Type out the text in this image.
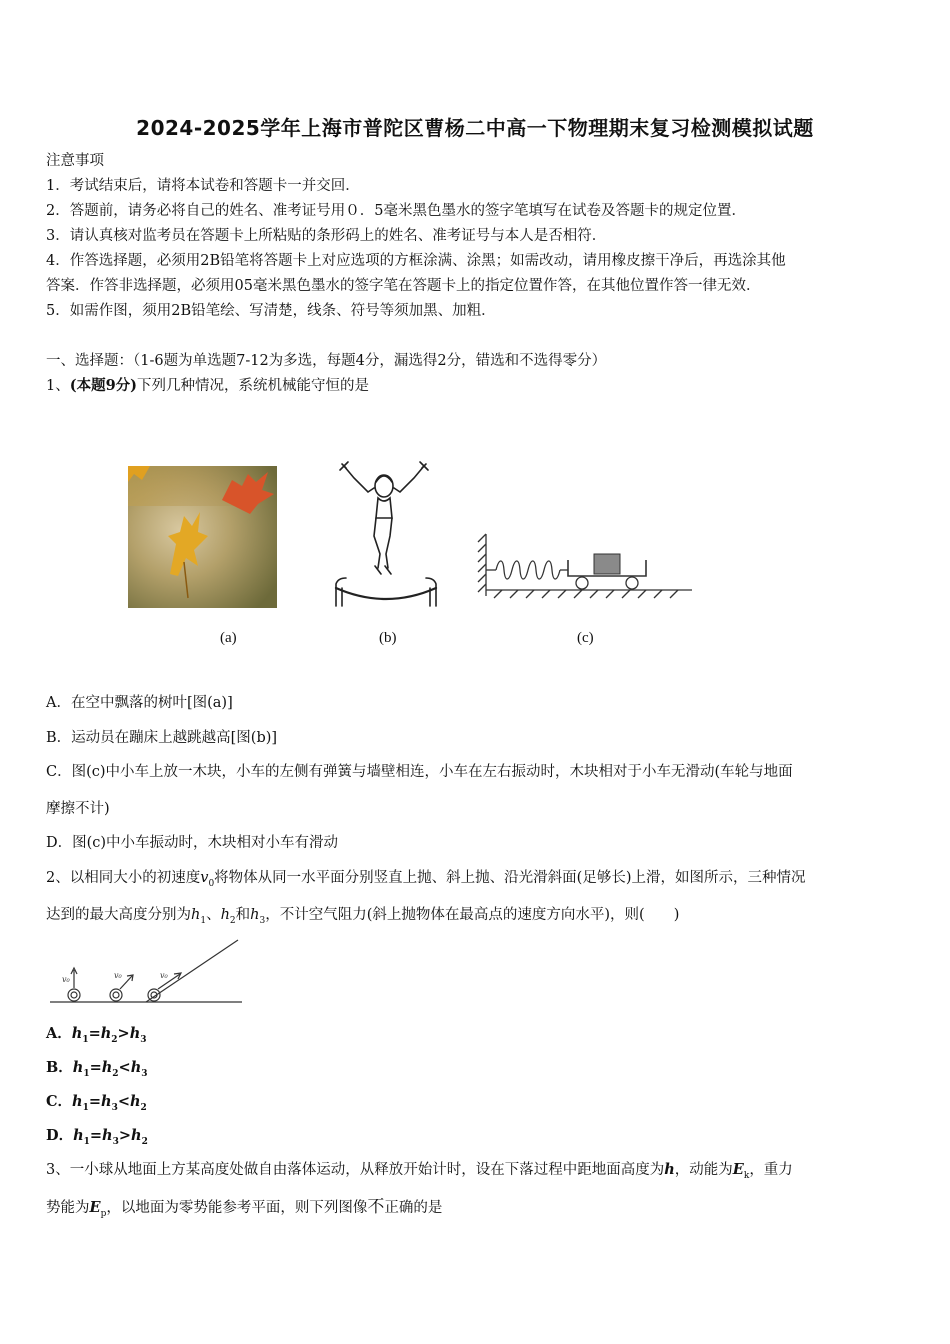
2024-2025学年上海市普陀区曹杨二中高一下物理期末复习检测模拟试题
注意事项
1．考试结束后，请将本试卷和答题卡一并交回．
2．答题前，请务必将自己的姓名、准考证号用０．5毫米黑色墨水的签字笔填写在试卷及答题卡的规定位置．
3．请认真核对监考员在答题卡上所粘贴的条形码上的姓名、准考证号与本人是否相符．
4．作答选择题，必须用2B铅笔将答题卡上对应选项的方框涂满、涂黑；如需改动，请用橡皮擦干净后，再选涂其他
答案．作答非选择题，必须用05毫米黑色墨水的签字笔在答题卡上的指定位置作答，在其他位置作答一律无效．
5．如需作图，须用2B铅笔绘、写清楚，线条、符号等须加黑、加粗．
一、选择题：（1-6题为单选题7-12为多选，每题4分，漏选得2分，错选和不选得零分）
1、(本题9分)下列几种情况，系统机械能守恒的是
(a)	(b)	(c)
A．在空中飘落的树叶[图(a)]
B．运动员在蹦床上越跳越高[图(b)]
C．图(c)中小车上放一木块，小车的左侧有弹簧与墙壁相连，小车在左右振动时，木块相对于小车无滑动(车轮与地面
摩擦不计)
D．图(c)中小车振动时，木块相对小车有滑动
2、以相同大小的初速度$v_0$将物体从同一水平面分别竖直上抛、斜上抛、沿光滑斜面(足够长)上滑，如图所示，三种情况
达到的最大高度分别为$h_1$、$h_2$和$h_3$，不计空气阻力(斜上抛物体在最高点的速度方向水平)，则(　　)
v₀	v₀	v₀
A．$h_1=h_2>h_3$
B．$h_1=h_2<h_3$
C．$h_1=h_3<h_2$
D．$h_1=h_3>h_2$
3、一小球从地面上方某高度处做自由落体运动，从释放开始计时，设在下落过程中距地面高度为h，动能为$E_k$，重力
势能为$E_p$，以地面为零势能参考平面，则下列图像不正确的是
